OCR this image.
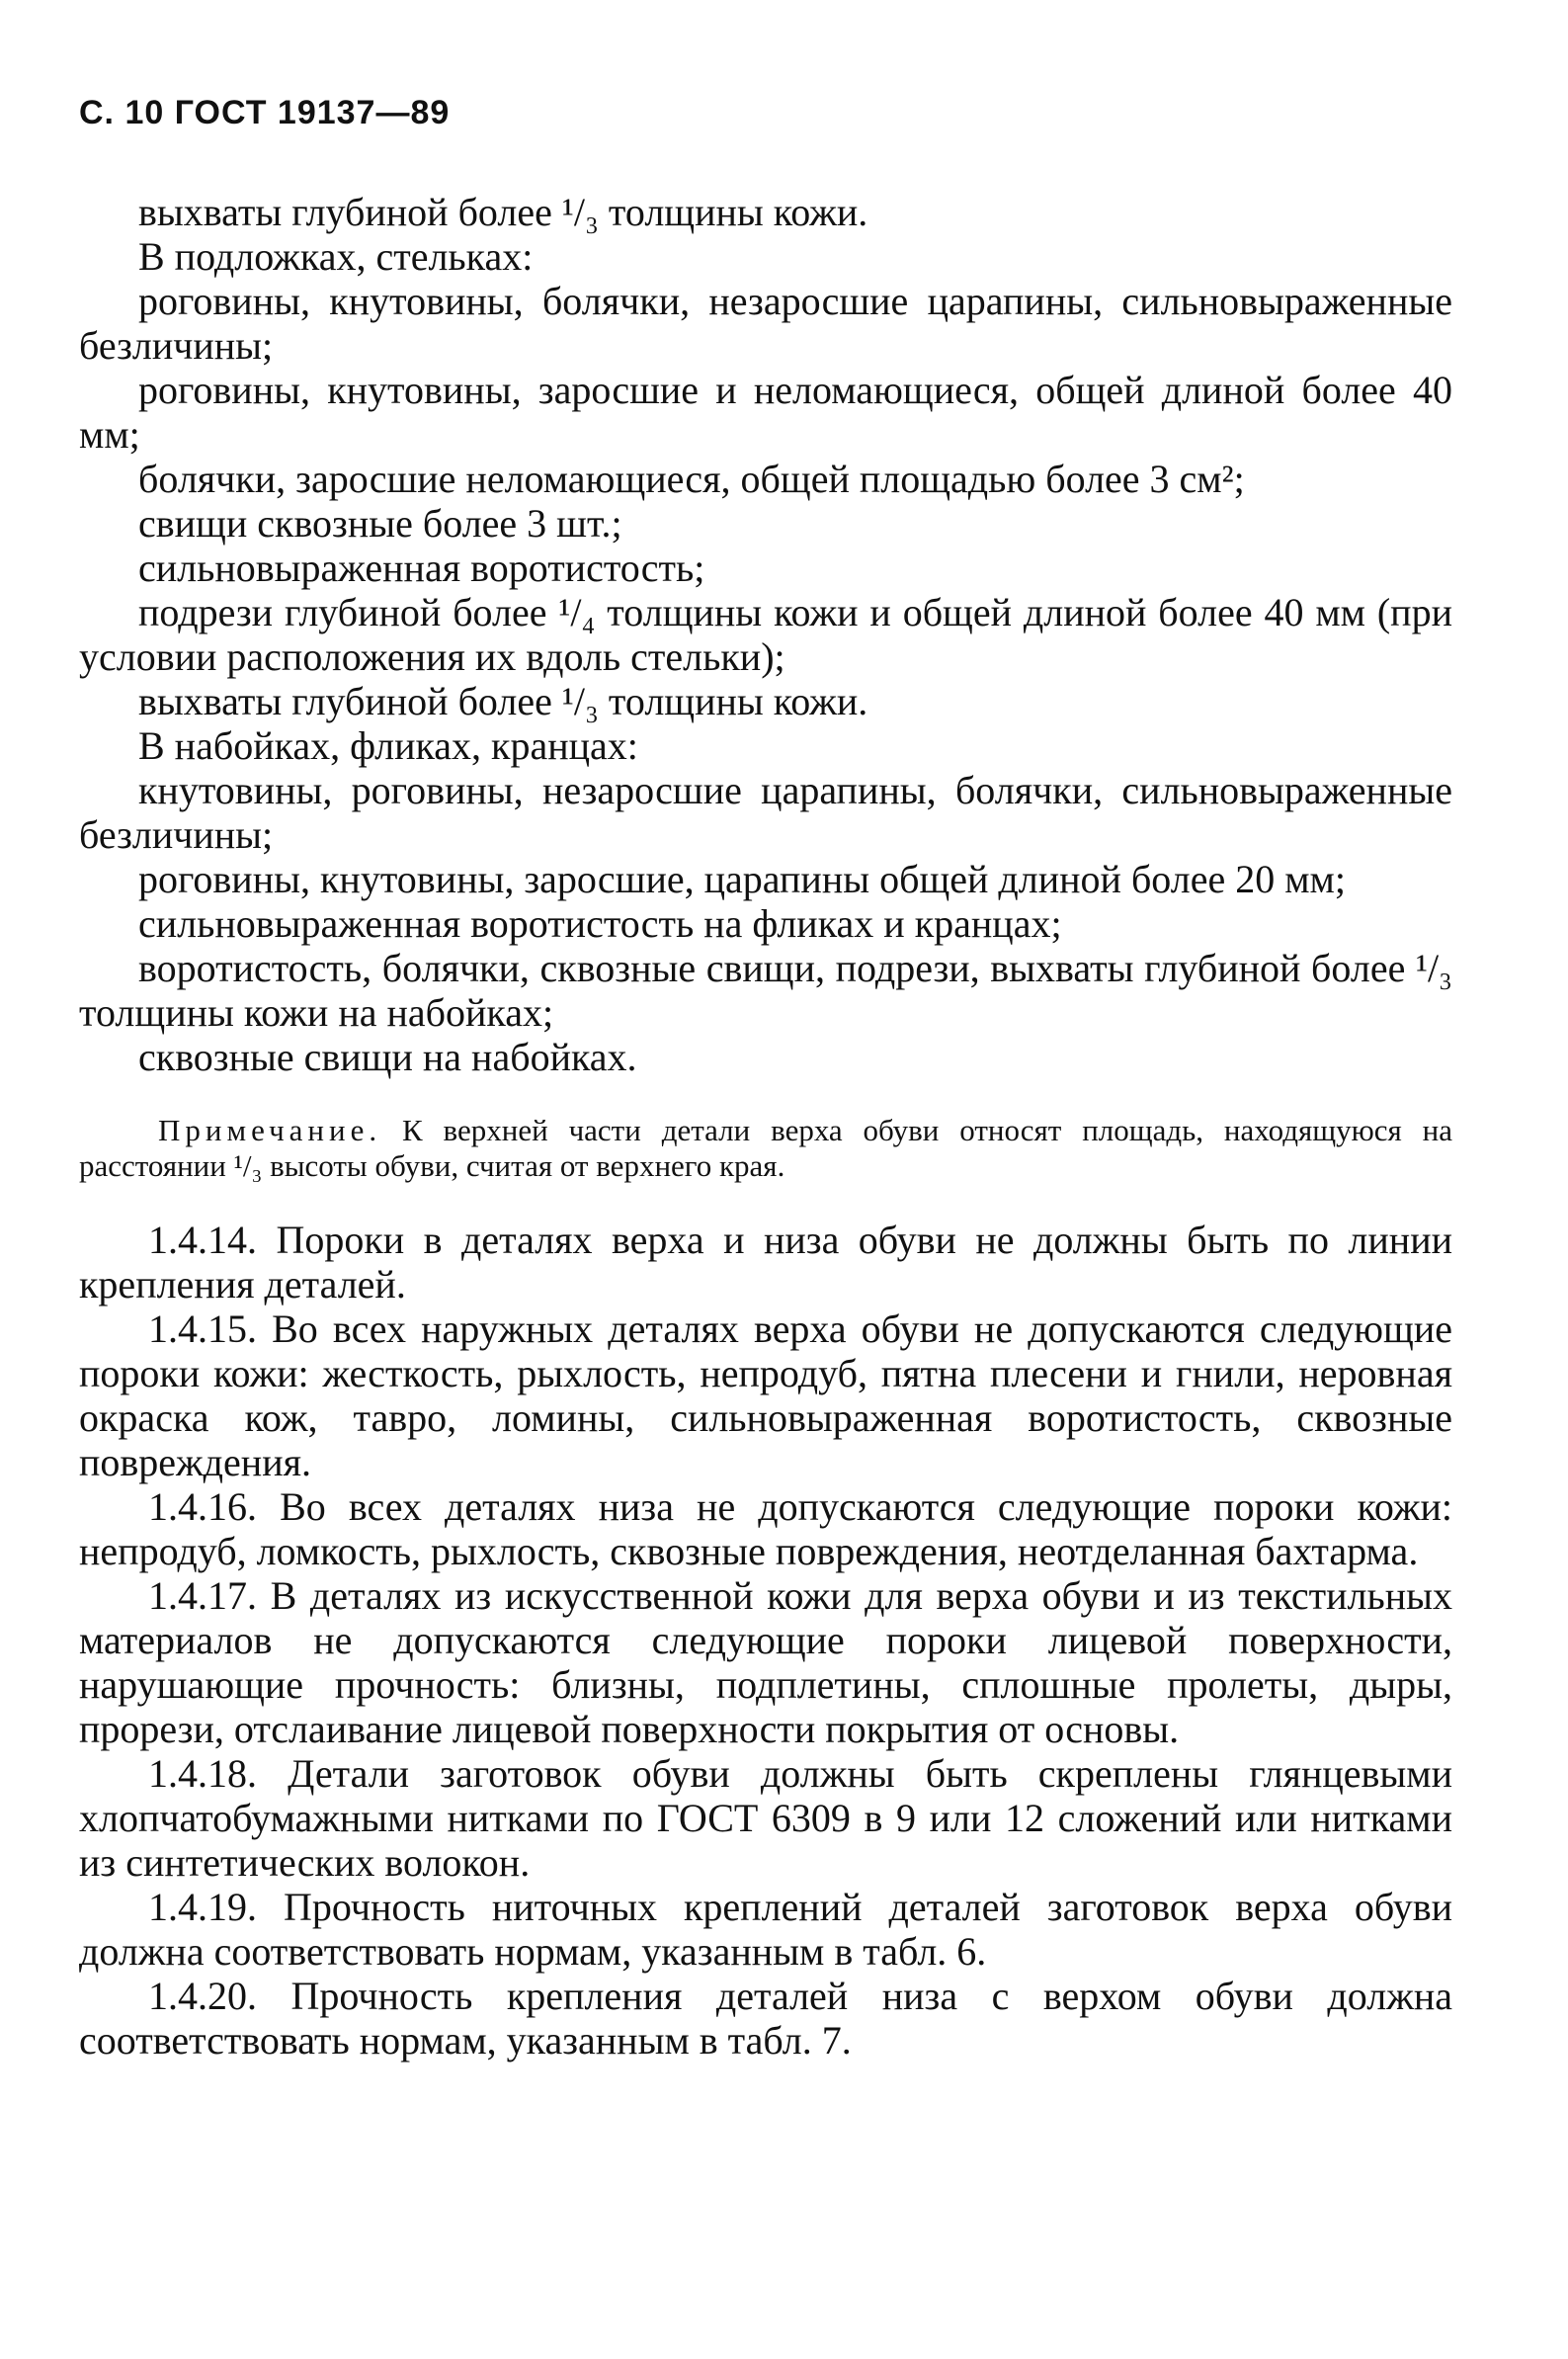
С. 10 ГОСТ 19137—89

выхваты глубиной более ¹/₃ толщины кожи.

В подложках, стельках:

роговины, кнутовины, болячки, незаросшие царапины, сильновыраженные безличины;

роговины, кнутовины, заросшие и неломающиеся, общей длиной более 40 мм;

болячки, заросшие неломающиеся, общей площадью более 3 см²;

свищи сквозные более 3 шт.;

сильновыраженная воротистость;

подрези глубиной более ¹/₄ толщины кожи и общей длиной более 40 мм (при условии расположения их вдоль стельки);

выхваты глубиной более ¹/₃ толщины кожи.

В набойках, фликах, кранцах:

кнутовины, роговины, незаросшие царапины, болячки, сильновыраженные безличины;

роговины, кнутовины, заросшие, царапины общей длиной более 20 мм;

сильновыраженная воротистость на фликах и кранцах;

воротистость, болячки, сквозные свищи, подрези, выхваты глубиной более ¹/₃ толщины кожи на набойках;

сквозные свищи на набойках.

Примечание. К верхней части детали верха обуви относят площадь, находящуюся на расстоянии ¹/₃ высоты обуви, считая от верхнего края.

1.4.14. Пороки в деталях верха и низа обуви не должны быть по линии крепления деталей.

1.4.15. Во всех наружных деталях верха обуви не допускаются следующие пороки кожи: жесткость, рыхлость, непродуб, пятна плесени и гнили, неровная окраска кож, тавро, ломины, сильновыраженная воротистость, сквозные повреждения.

1.4.16. Во всех деталях низа не допускаются следующие пороки кожи: непродуб, ломкость, рыхлость, сквозные повреждения, неотделанная бахтарма.

1.4.17. В деталях из искусственной кожи для верха обуви и из текстильных материалов не допускаются следующие пороки лицевой поверхности, нарушающие прочность: близны, подплетины, сплошные пролеты, дыры, прорези, отслаивание лицевой поверхности покрытия от основы.

1.4.18. Детали заготовок обуви должны быть скреплены глянцевыми хлопчатобумажными нитками по ГОСТ 6309 в 9 или 12 сложений или нитками из синтетических волокон.

1.4.19. Прочность ниточных креплений деталей заготовок верха обуви должна соответствовать нормам, указанным в табл. 6.

1.4.20. Прочность крепления деталей низа с верхом обуви должна соответствовать нормам, указанным в табл. 7.
